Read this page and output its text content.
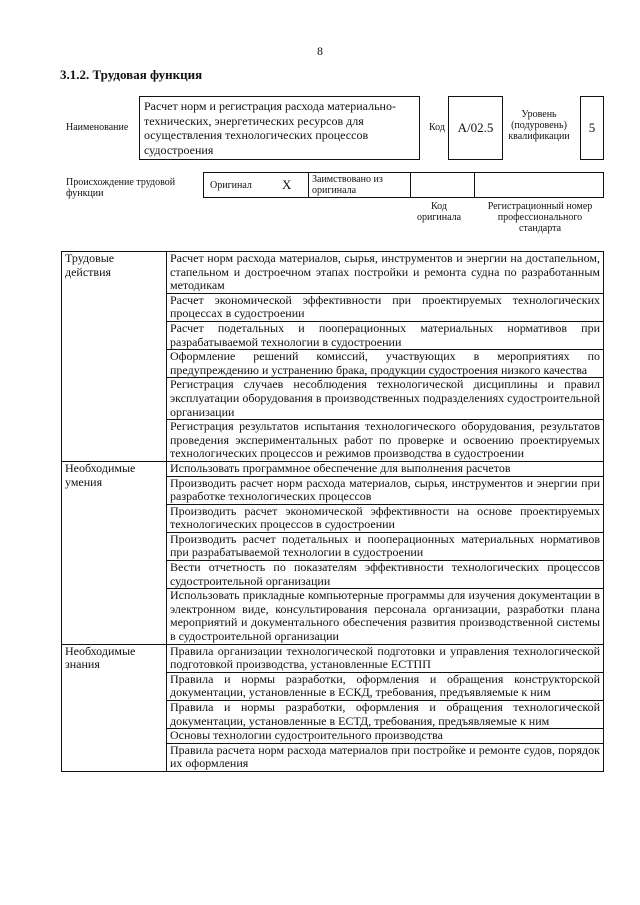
8
3.1.2. Трудовая функция
Наименование
Расчет норм и регистрация расхода материально-технических, энергетических ресурсов для осуществления технологических процессов судостроения
Код А/02.5
Уровень (подуровень) квалификации
5
Происхождение трудовой функции
Оригинал X Заимствовано из оригинала
Код оригинала
Регистрационный номер профессионального стандарта
Трудовые действия	Расчет норм расхода материалов, сырья, инструментов и энергии на достапельном, стапельном и достроечном этапах постройки и ремонта судна по разработанным методикам
	Расчет экономической эффективности при проектируемых технологических процессах в судостроении
	Расчет подетальных и пооперационных материальных нормативов при разрабатываемой технологии в судостроении
	Оформление решений комиссий, участвующих в мероприятиях по предупреждению и устранению брака, продукции судостроения низкого качества
	Регистрация случаев несоблюдения технологической дисциплины и правил эксплуатации оборудования в производственных подразделениях судостроительной организации
	Регистрация результатов испытания технологического оборудования, результатов проведения экспериментальных работ по проверке и освоению проектируемых технологических процессов и режимов производства в судостроении
Необходимые умения	Использовать программное обеспечение для выполнения расчетов
	Производить расчет норм расхода материалов, сырья, инструментов и энергии при разработке технологических процессов
	Производить расчет экономической эффективности на основе проектируемых технологических процессов в судостроении
	Производить расчет подетальных и пооперационных материальных нормативов при разрабатываемой технологии в судостроении
	Вести отчетность по показателям эффективности технологических процессов судостроительной организации
	Использовать прикладные компьютерные программы для изучения документации в электронном виде, консультирования персонала организации, разработки плана мероприятий и документального обеспечения развития производственной системы в судостроительной организации
Необходимые знания	Правила организации технологической подготовки и управления технологической подготовкой производства, установленные ЕСТПП
	Правила и нормы разработки, оформления и обращения конструкторской документации, установленные в ЕСКД, требования, предъявляемые к ним
	Правила и нормы разработки, оформления и обращения технологической документации, установленные в ЕСТД, требования, предъявляемые к ним
	Основы технологии судостроительного производства
	Правила расчета норм расхода материалов при постройке и ремонте судов, порядок их оформления
